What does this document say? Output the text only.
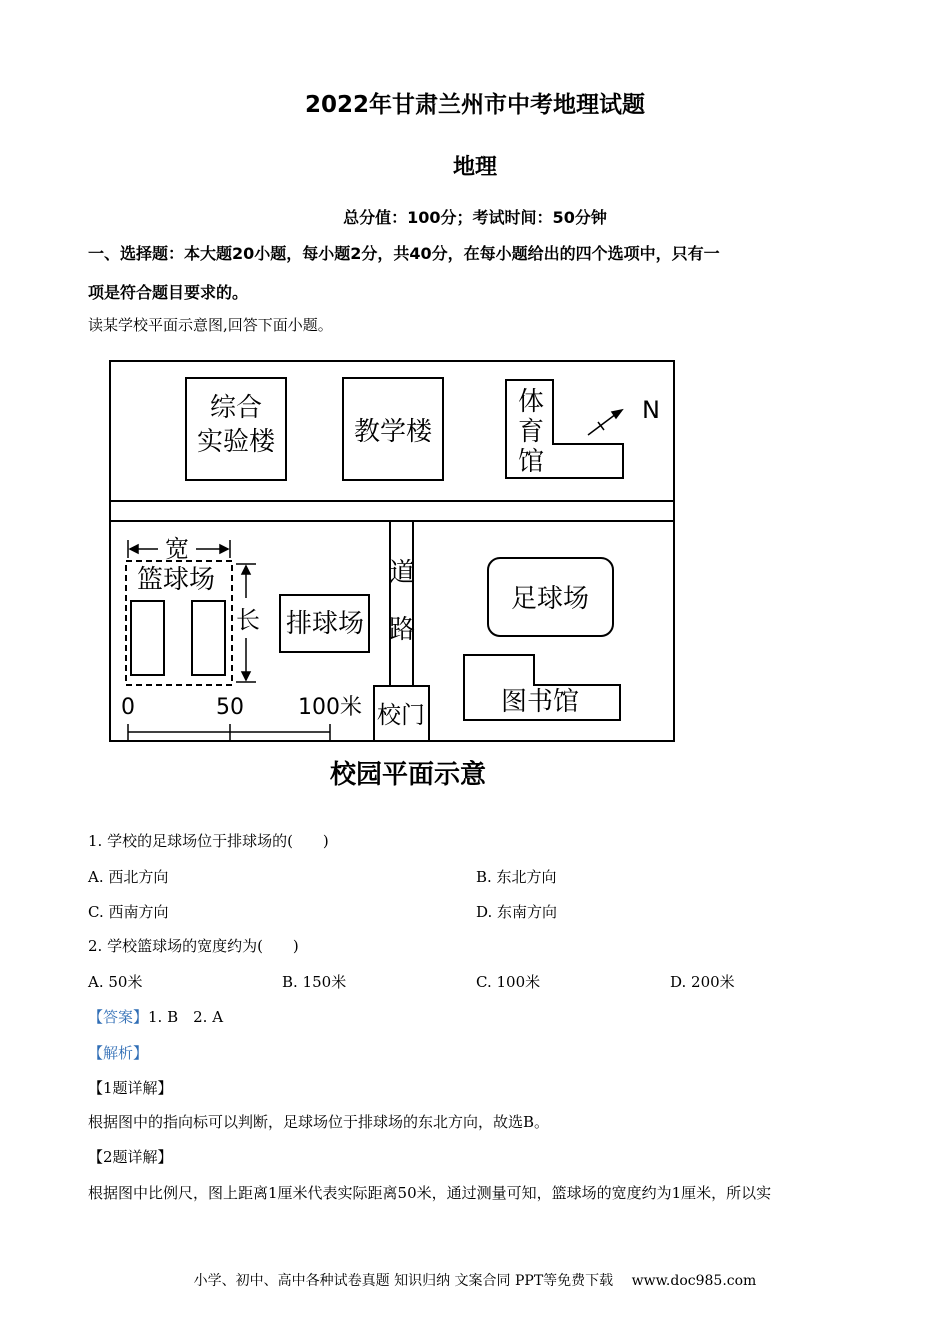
2022年甘肃兰州市中考地理试题
地理
总分值：100分；考试时间：50分钟
一、选择题：本大题20小题，每小题2分，共40分，在每小题给出的四个选项中，只有一
项是符合题目要求的。
读某学校平面示意图,回答下面小题。
综合
实验楼	教学楼
体
育
馆
N
道
路
校门
足球场
图书馆
篮球场
排球场
宽
长
0	50 100米
校园平面示意
1. 学校的足球场位于排球场的(　　)
A. 西北方向	B. 东北方向
C. 西南方向	D. 东南方向
2. 学校篮球场的宽度约为(　　)
A. 50米	B. 150米	C. 100米	D. 200米
【答案】1. B　2. A
【解析】
【1题详解】
根据图中的指向标可以判断，足球场位于排球场的东北方向，故选B。
【2题详解】
根据图中比例尺，图上距离1厘米代表实际距离50米，通过测量可知，篮球场的宽度约为1厘米，所以实
小学、初中、高中各种试卷真题 知识归纳 文案合同 PPT等免费下载　 www.doc985.com
